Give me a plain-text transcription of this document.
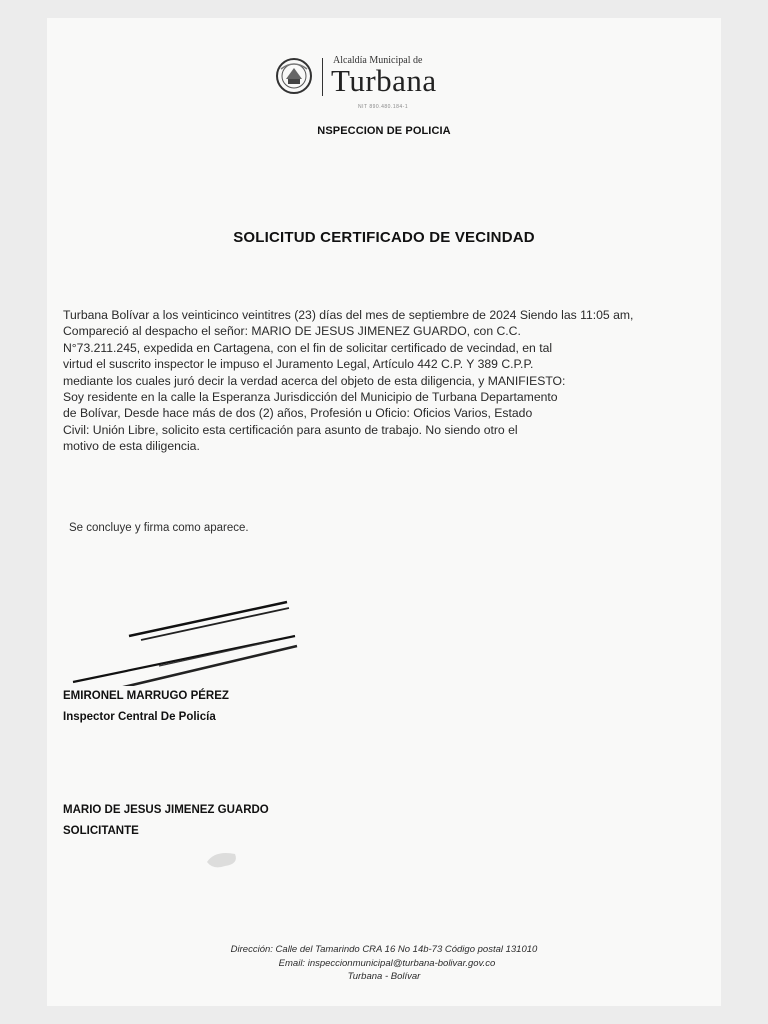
Alcaldía Municipal de
Turbana
NIT 890.480.184-1
NSPECCION DE POLICIA
SOLICITUD CERTIFICADO DE VECINDAD
Turbana Bolívar a los veinticinco veintitres (23) días del mes de septiembre de 2024 Siendo las 11:05 am,
Compareció al despacho el señor: MARIO DE JESUS JIMENEZ GUARDO, con C.C.
N°73.211.245, expedida en Cartagena, con el fin de solicitar certificado de vecindad, en tal
virtud el suscrito inspector le impuso el Juramento Legal, Artículo 442 C.P. Y 389 C.P.P.
mediante los cuales juró decir la verdad acerca del objeto de esta diligencia, y MANIFIESTO:
Soy residente en la calle la Esperanza Jurisdicción del Municipio de Turbana Departamento
de Bolívar, Desde hace más de dos (2) años, Profesión u Oficio: Oficios Varios, Estado
Civil: Unión Libre, solicito esta certificación para asunto de trabajo. No siendo otro el
motivo de esta diligencia.
Se concluye y firma como aparece.
EMIRONEL MARRUGO PÉREZ
Inspector Central De Policía
MARIO DE JESUS JIMENEZ GUARDO
SOLICITANTE
Dirección: Calle del Tamarindo CRA 16 No 14b-73 Código postal 131010
Email: inspeccionmunicipal@turbana-bolivar.gov.co
Turbana - Bolívar
